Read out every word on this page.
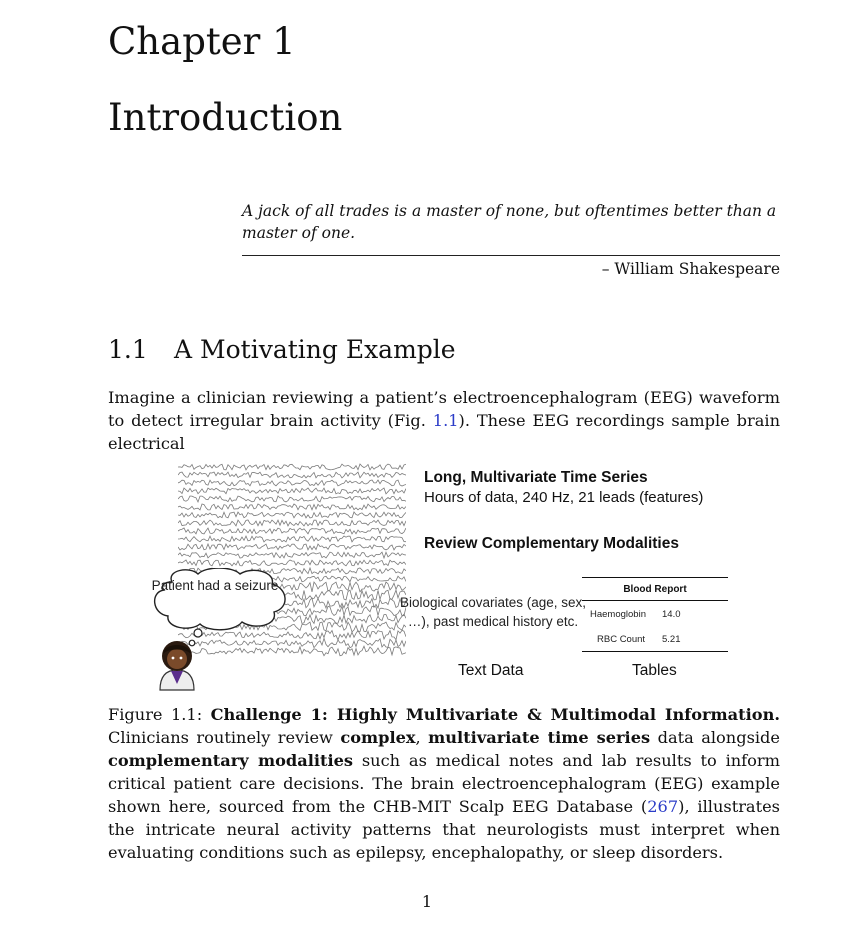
Chapter 1
Introduction

A jack of all trades is a master of none, but oftentimes better than a master of one.

– William Shakespeare

1.1 A Motivating Example

Imagine a clinician reviewing a patient’s electroencephalogram (EEG) waveform to detect irregular brain activity (Fig. 1.1). These EEG recordings sample brain electrical

Patient had a seizure

Long, Multivariate Time Series

Hours of data, 240 Hz, 21 leads (features)

Review Complementary Modalities

Biological covariates (age, sex, …), past medical history etc.
Text Data
Blood Report
Haemoglobin	14.0
RBC Count	5.21
Tables

Figure 1.1: Challenge 1: Highly Multivariate & Multimodal Information. Clinicians routinely review complex, multivariate time series data alongside complementary modalities such as medical notes and lab results to inform critical patient care decisions. The brain electroencephalogram (EEG) example shown here, sourced from the CHB-MIT Scalp EEG Database (267), illustrates the intricate neural activity patterns that neurologists must interpret when evaluating conditions such as epilepsy, encephalopathy, or sleep disorders.

1
